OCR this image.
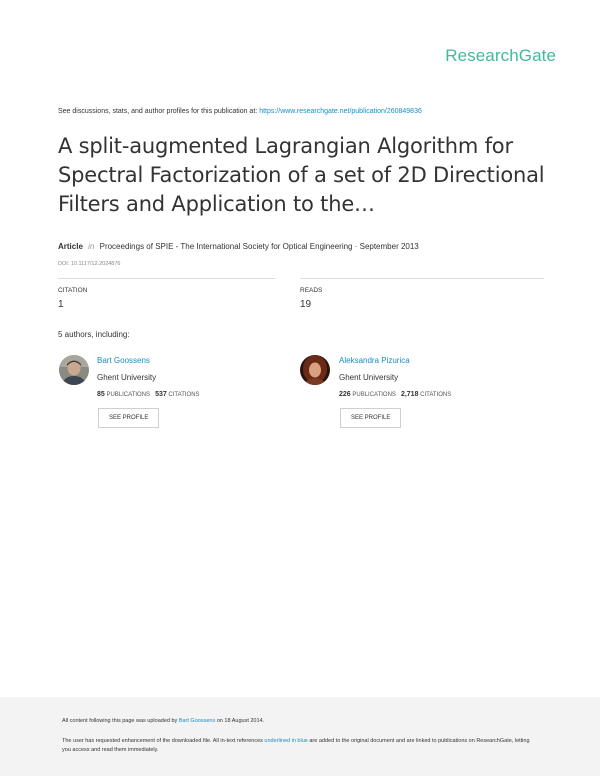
ResearchGate
See discussions, stats, and author profiles for this publication at: https://www.researchgate.net/publication/260849836
A split-augmented Lagrangian Algorithm for Spectral Factorization of a set of 2D Directional Filters and Application to the…
Article in Proceedings of SPIE - The International Society for Optical Engineering · September 2013
DOI: 10.1117/12.2024876
CITATION
1
READS
19
5 authors, including:
Bart Goossens
Ghent University
85 PUBLICATIONS 537 CITATIONS
SEE PROFILE
Aleksandra Pizurica
Ghent University
226 PUBLICATIONS 2,718 CITATIONS
SEE PROFILE
All content following this page was uploaded by Bart Goossens on 18 August 2014.
The user has requested enhancement of the downloaded file. All in-text references underlined in blue are added to the original document and are linked to publications on ResearchGate, letting you access and read them immediately.
